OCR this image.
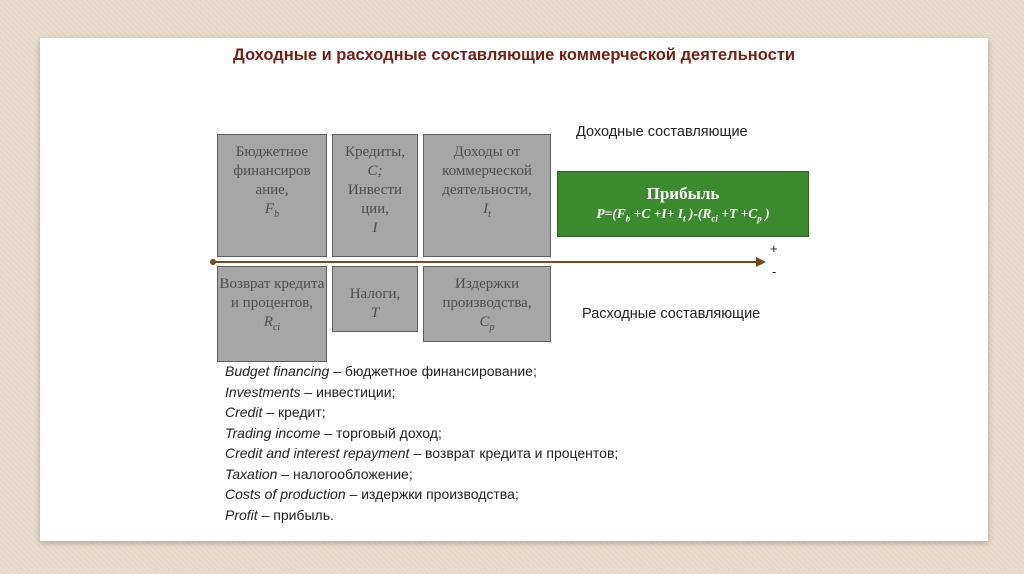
Доходные и расходные составляющие коммерческой деятельности
Доходные составляющие
Расходные составляющие
Бюджетное финансиров ание,
$F_b$
Кредиты,
C;
Инвести ции,
I
Доходы от коммерческой деятельности,
$I_t$
Прибыль
$P=(F_b +C +I+ I_t$ )$-(R_{ci} +T +C_p$ )
+
-
Возврат кредита и процентов,
$R_{ci}$
Налоги,
T
Издержки производства,
$C_p$
Budget financing – бюджетное финансирование;
Investments – инвестиции;
Credit – кредит;
Trading income – торговый доход;
Credit and interest repayment – возврат кредита и процентов;
Taxation – налогообложение;
Costs of production – издержки производства;
Profit – прибыль.
